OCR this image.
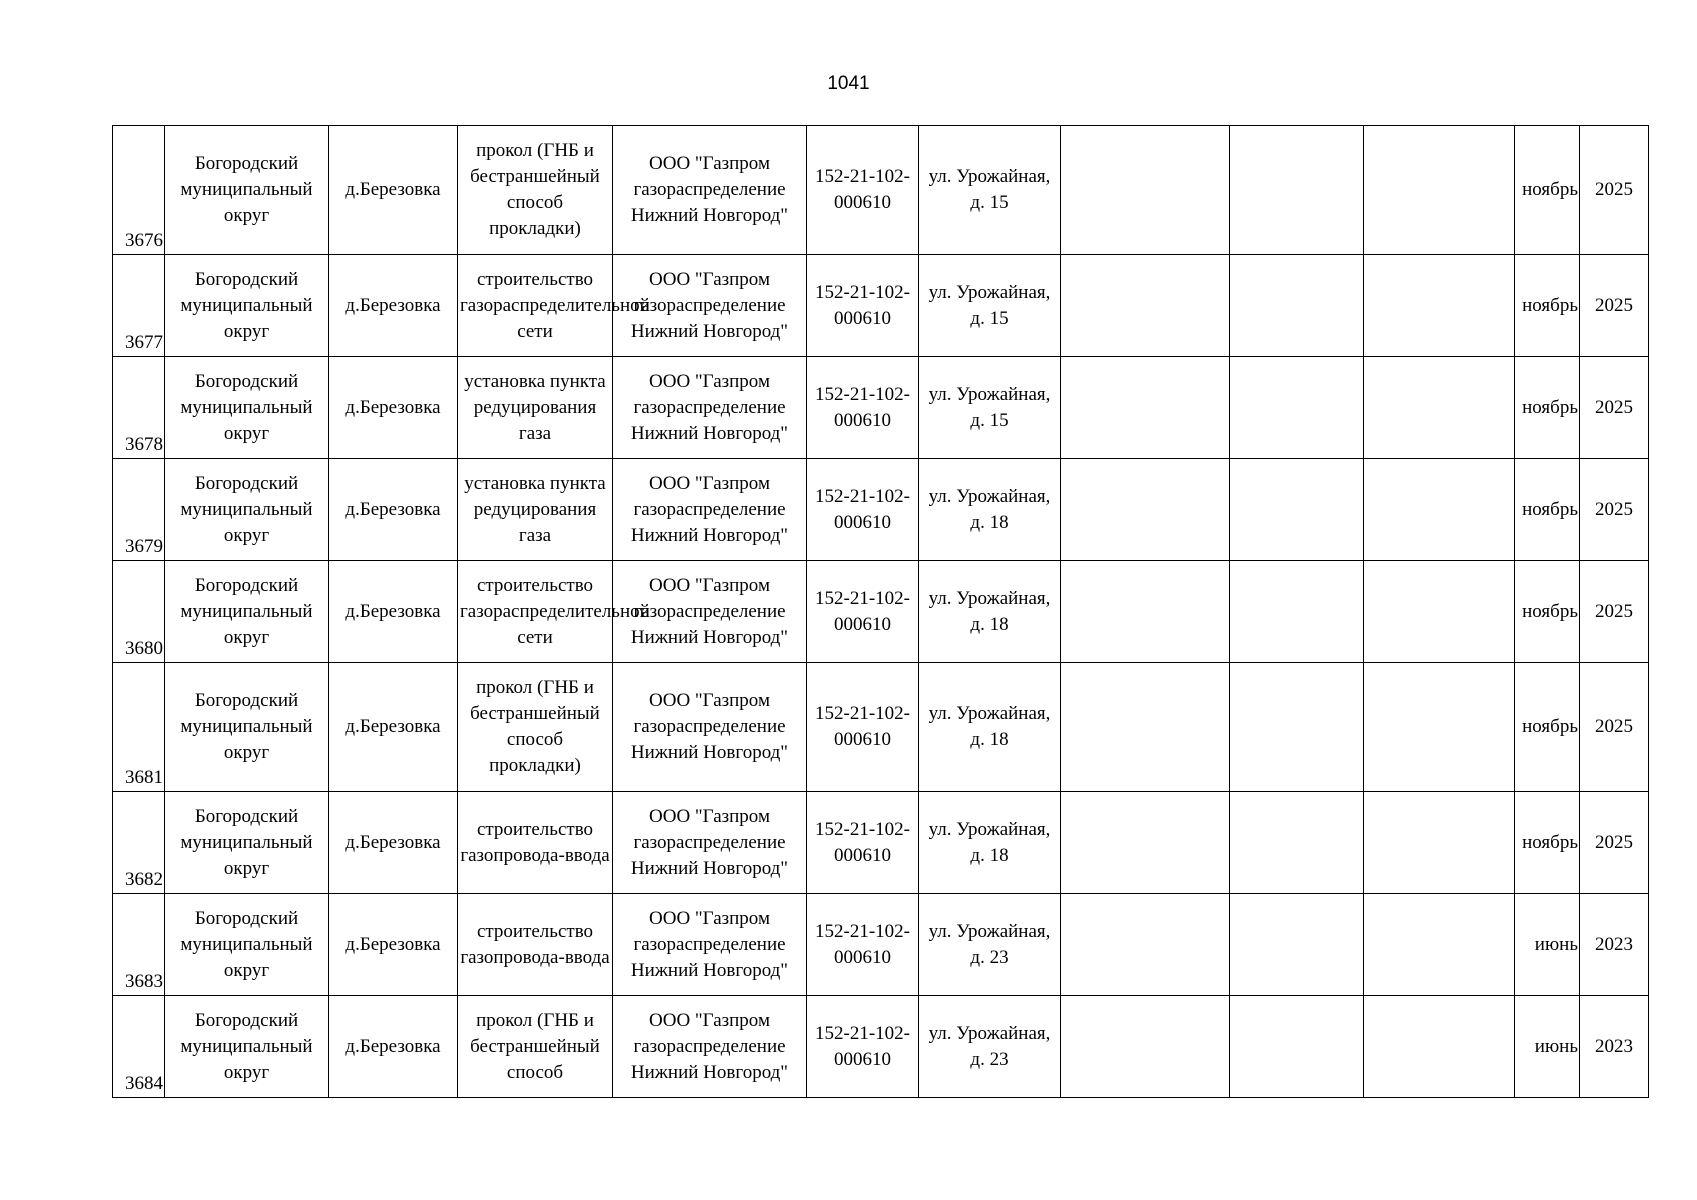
1041
3676	Богородский муниципальный округ	д.Березовка	прокол (ГНБ и бестраншейный способ прокладки)	ООО "Газпром газораспределение Нижний Новгород"	152-21-102-000610	ул. Урожайная, д. 15				ноябрь	2025
3677	Богородский муниципальный округ	д.Березовка	строительство газораспределительной сети	ООО "Газпром газораспределение Нижний Новгород"	152-21-102-000610	ул. Урожайная, д. 15				ноябрь	2025
3678	Богородский муниципальный округ	д.Березовка	установка пункта редуцирования газа	ООО "Газпром газораспределение Нижний Новгород"	152-21-102-000610	ул. Урожайная, д. 15				ноябрь	2025
3679	Богородский муниципальный округ	д.Березовка	установка пункта редуцирования газа	ООО "Газпром газораспределение Нижний Новгород"	152-21-102-000610	ул. Урожайная, д. 18				ноябрь	2025
3680	Богородский муниципальный округ	д.Березовка	строительство газораспределительной сети	ООО "Газпром газораспределение Нижний Новгород"	152-21-102-000610	ул. Урожайная, д. 18				ноябрь	2025
3681	Богородский муниципальный округ	д.Березовка	прокол (ГНБ и бестраншейный способ прокладки)	ООО "Газпром газораспределение Нижний Новгород"	152-21-102-000610	ул. Урожайная, д. 18				ноябрь	2025
3682	Богородский муниципальный округ	д.Березовка	строительство газопровода-ввода	ООО "Газпром газораспределение Нижний Новгород"	152-21-102-000610	ул. Урожайная, д. 18				ноябрь	2025
3683	Богородский муниципальный округ	д.Березовка	строительство газопровода-ввода	ООО "Газпром газораспределение Нижний Новгород"	152-21-102-000610	ул. Урожайная, д. 23				июнь	2023
3684	Богородский муниципальный округ	д.Березовка	прокол (ГНБ и бестраншейный способ	ООО "Газпром газораспределение Нижний Новгород"	152-21-102-000610	ул. Урожайная, д. 23				июнь	2023
